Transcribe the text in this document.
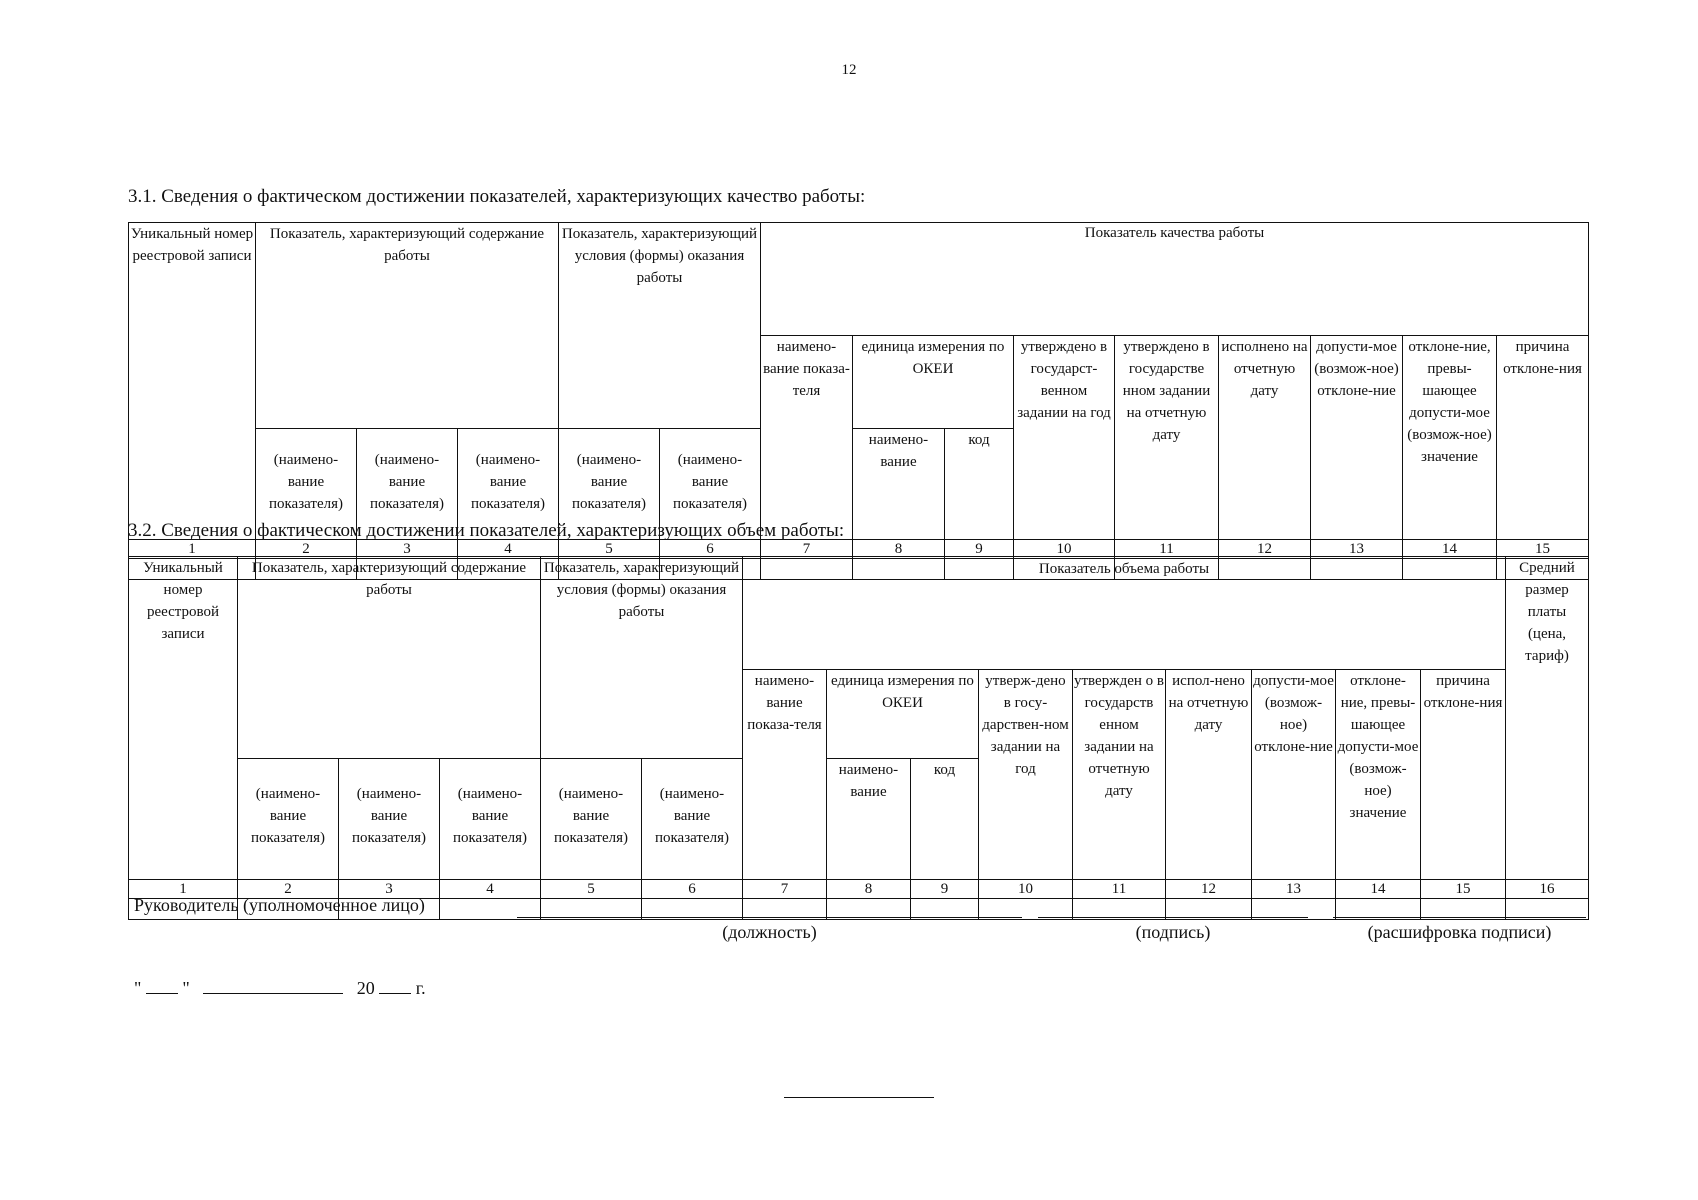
12
3.1. Сведения о фактическом достижении показателей, характеризующих качество работы:
Уникальный номер реестровой записи	Показатель, характеризующий содержание работы			Показатель, характеризующий условия (формы) оказания работы		Показатель качества работы								
						наимено-вание показа-теля	единица измерения по ОКЕИ		утверждено в государст-венном задании на год	утверждено в государстве нном задании на отчетную дату	исполнено на отчетную дату	допусти-мое (возмож-ное) отклоне-ние	отклоне-ние, превы-шающее допусти-мое (возмож-ное) значение	причина отклоне-ния
	(наимено-вание показателя)	(наимено-вание показателя)	(наимено-вание показателя)	(наимено-вание показателя)	(наимено-вание показателя)		наимено-вание	код						
1	2	3	4	5	6	7	8	9	10	11	12	13	14	15

3.2. Сведения о фактическом достижении показателей, характеризующих объем работы:
Уникальный номер реестровой записи	Показатель, характеризующий содержание работы			Показатель, характеризующий условия (формы) оказания работы		Показатель объема работы									Средний размер платы (цена, тариф)
						наимено-вание показа-теля	единица измерения по ОКЕИ		утверж-дено в госу-дарствен-ном задании на год	утвержден о в государств енном задании на отчетную дату	испол-нено на отчетную дату	допусти-мое (возмож-ное) отклоне-ние	отклоне-ние, превы-шающее допусти-мое (возмож-ное) значение	причина отклоне-ния	
	(наимено-вание показателя)	(наимено-вание показателя)	(наимено-вание показателя)	(наимено-вание показателя)	(наимено-вание показателя)		наимено-вание	код							
1	2	3	4	5	6	7	8	9	10	11	12	13	14	15	16

Руководитель (уполномоченное лицо)
(должность)	(подпись)	(расшифровка подписи)
" "	20 г.
